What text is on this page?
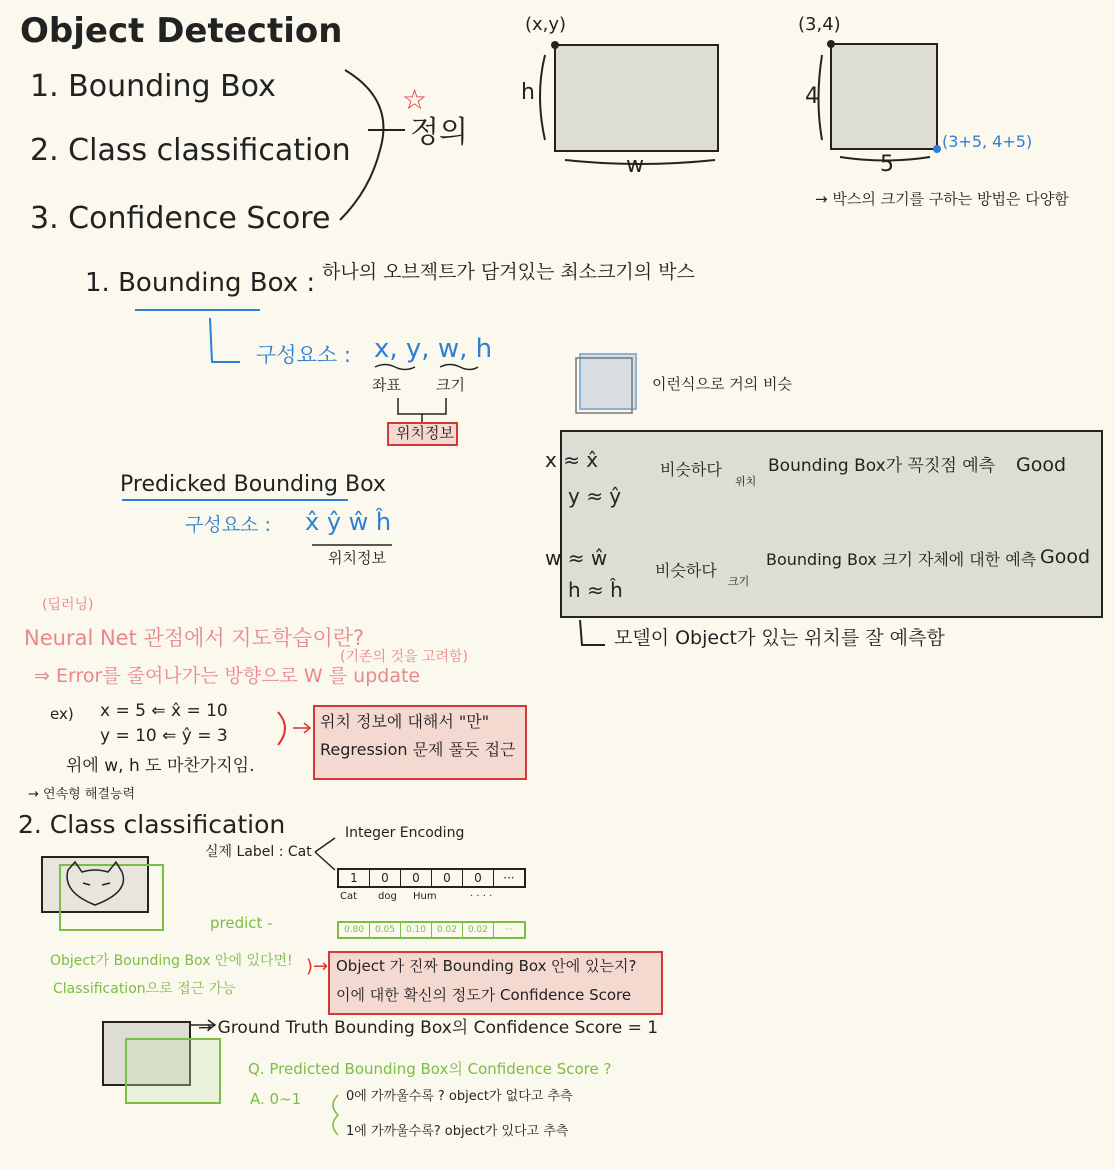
Object Detection
1. Bounding Box
2. Class classification
3. Confidence Score
☆
정의
(x,y)
h
w
(3,4)
4
5
(3+5, 4+5)
→ 박스의 크기를 구하는 방법은 다양함
1. Bounding Box : 하나의 오브젝트가 담겨있는 최소크기의 박스
구성요소 : x, y, w, h
좌표 크기
위치정보
이런식으로 거의 비슷
Predicked Bounding Box
구성요소 : x̂ ŷ ŵ ĥ
위치정보
x ≈ x̂
y ≈ ŷ
비슷하다
위치
Bounding Box가 꼭짓점 예측 Good
w ≈ ŵ
h ≈ ĥ
비슷하다
크기
Bounding Box 크기 자체에 대한 예측 Good
모델이 Object가 있는 위치를 잘 예측함
(딥러닝)
Neural Net 관점에서 지도학습이란?
(기존의 것을 고려함)
⇒ Error를 줄여나가는 방향으로 W 를 update
ex) x = 5 ⇐ x̂ = 10
y = 10 ⇐ ŷ = 3
위에 w, h 도 마찬가지임.
→ 연속형 해결능력
위치 정보에 대해서 "만"
Regression 문제 풀듯 접근
2. Class classification
실제 Label : Cat
Integer Encoding
1	0	0	0	0	···
Cat dog Hum	· · · ·
predict -	0.80	0.05	0.10	0.02	0.02	···
Object가 Bounding Box 안에 있다면!
Classification으로 접근 가능
)→ Object 가 진짜 Bounding Box 안에 있는지?
이에 대한 확신의 정도가 Confidence Score
→ Ground Truth Bounding Box의 Confidence Score = 1
Q. Predicted Bounding Box의 Confidence Score ?
A. 0~1	0에 가까울수록 ? object가 없다고 추측
1에 가까울수록? object가 있다고 추측
